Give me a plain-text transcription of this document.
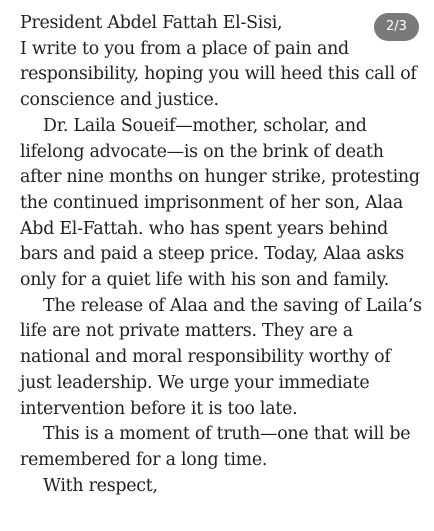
President Abdel Fattah El-Sisi,
I write to you from a place of pain and
responsibility, hoping you will heed this call of
conscience and justice.
Dr. Laila Soueif—mother, scholar, and
lifelong advocate—is on the brink of death
after nine months on hunger strike, protesting
the continued imprisonment of her son, Alaa
Abd El-Fattah. who has spent years behind
bars and paid a steep price. Today, Alaa asks
only for a quiet life with his son and family.
The release of Alaa and the saving of Laila’s
life are not private matters. They are a
national and moral responsibility worthy of
just leadership. We urge your immediate
intervention before it is too late.
This is a moment of truth—one that will be
remembered for a long time.
With respect,
2/3
